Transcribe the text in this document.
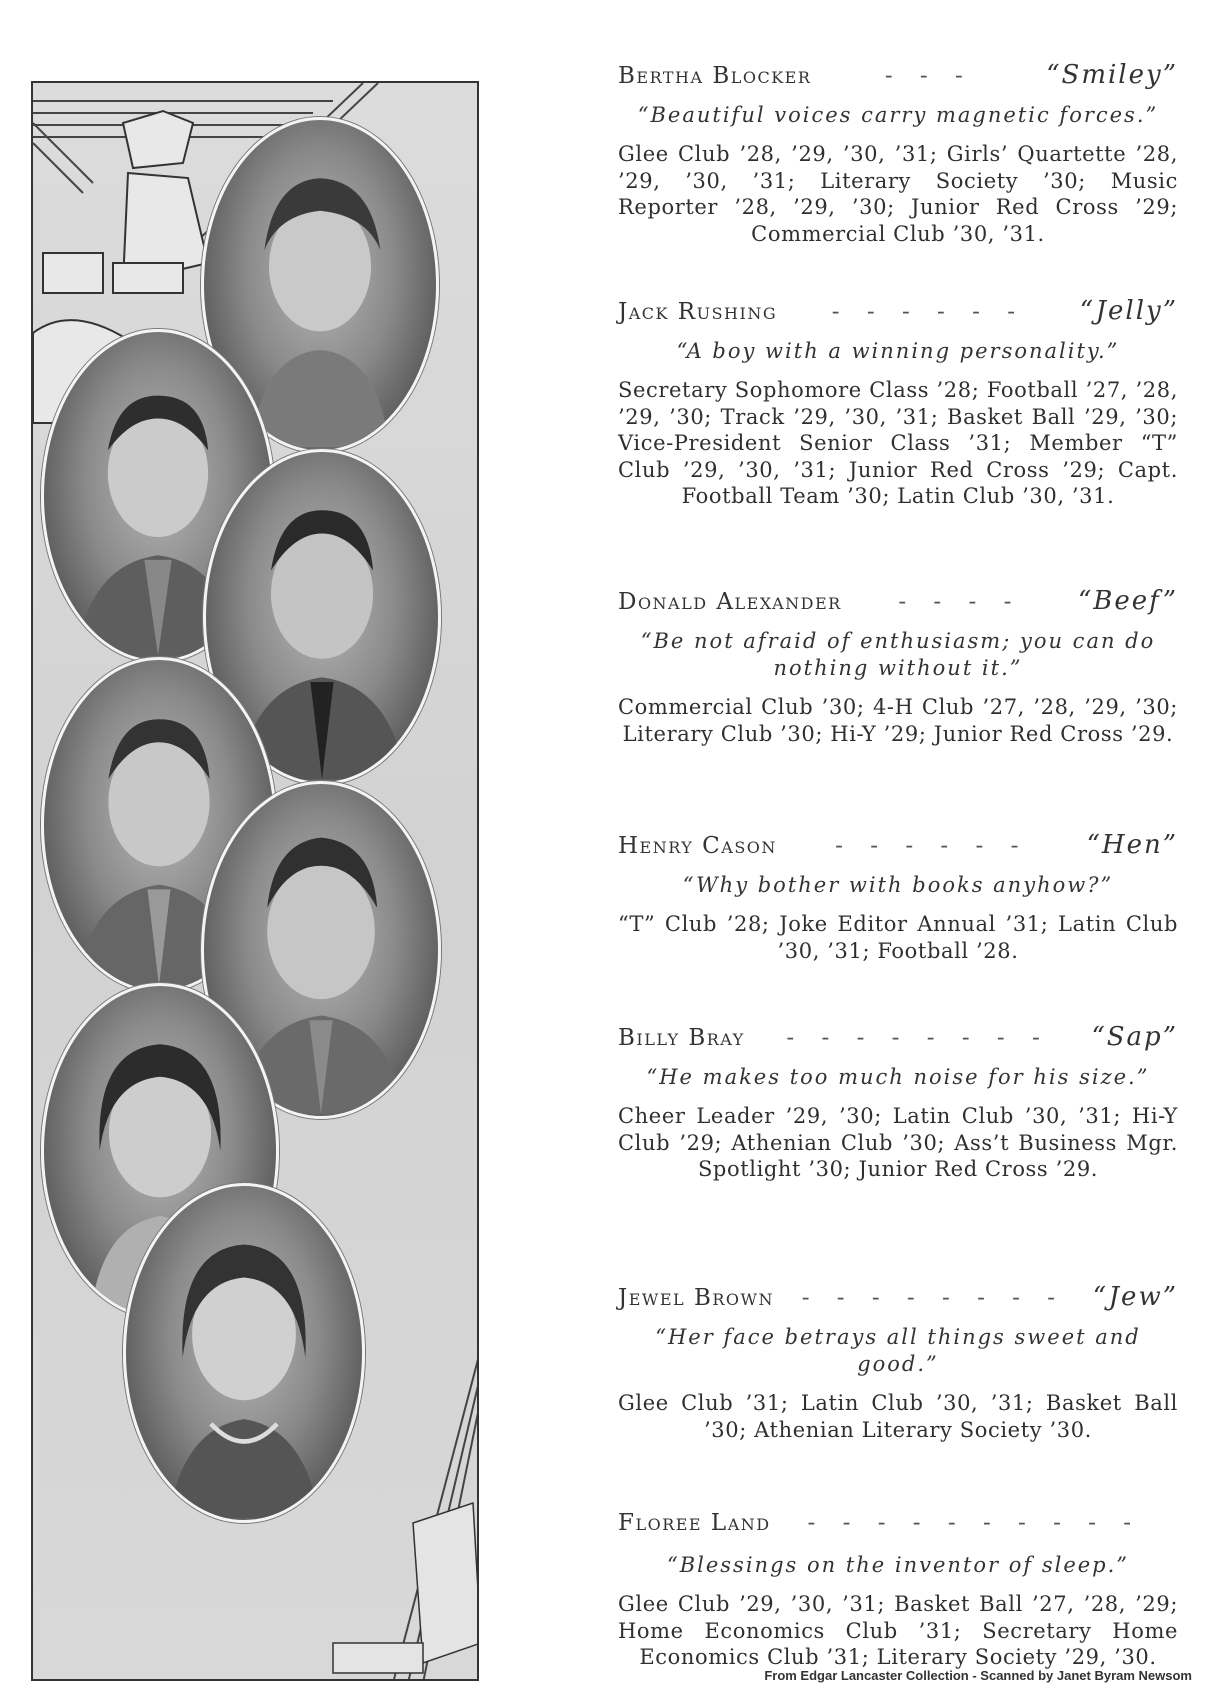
Bertha Blocker	- - -	“Smiley”
“Beautiful voices carry magnetic forces.”
Glee Club ’28, ’29, ’30, ’31; Girls’ Quartette ’28, ’29, ’30, ’31; Literary Society ’30; Music Reporter ’28, ’29, ’30; Junior Red Cross ’29; Commercial Club ’30, ’31.
Jack Rushing	- - - - - -	“Jelly”
“A boy with a winning personality.”
Secretary Sophomore Class ’28; Football ’27, ’28, ’29, ’30; Track ’29, ’30, ’31; Basket Ball ’29, ’30; Vice-President Senior Class ’31; Member “T” Club ’29, ’30, ’31; Junior Red Cross ’29; Capt. Football Team ’30; Latin Club ’30, ’31.
Donald Alexander	- - - -	“Beef”
“Be not afraid of enthusiasm; you can do nothing without it.”
Commercial Club ’30; 4-H Club ’27, ’28, ’29, ’30; Literary Club ’30; Hi-Y ’29; Junior Red Cross ’29.
Henry Cason	- - - - - -	“Hen”
“Why bother with books anyhow?”
“T” Club ’28; Joke Editor Annual ’31; Latin Club ’30, ’31; Football ’28.
Billy Bray	- - - - - - - -	“Sap”
“He makes too much noise for his size.”
Cheer Leader ’29, ’30; Latin Club ’30, ’31; Hi-Y Club ’29; Athenian Club ’30; Ass’t Business Mgr. Spotlight ’30; Junior Red Cross ’29.
Jewel Brown	- - - - - - - -	“Jew”
“Her face betrays all things sweet and good.”
Glee Club ’31; Latin Club ’30, ’31; Basket Ball ’30; Athenian Literary Society ’30.
Floree Land	- - - - - - - - - -
“Blessings on the inventor of sleep.”
Glee Club ’29, ’30, ’31; Basket Ball ’27, ’28, ’29; Home Economics Club ’31; Secretary Home Economics Club ’31; Literary Society ’29, ’30.
From Edgar Lancaster Collection - Scanned by Janet Byram Newsom
